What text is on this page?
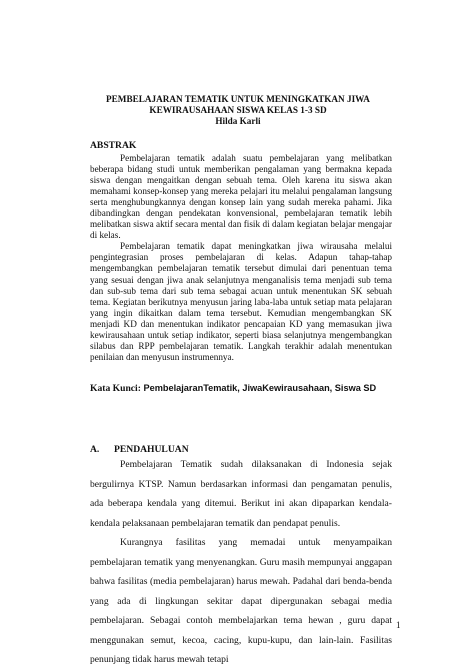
PEMBELAJARAN TEMATIK UNTUK MENINGKATKAN JIWA
KEWIRAUSAHAAN SISWA KELAS 1-3 SD
Hilda Karli
ABSTRAK

Pembelajaran tematik adalah suatu pembelajaran yang melibatkan beberapa bidang studi untuk memberikan pengalaman yang bermakna kepada siswa dengan mengaitkan dengan sebuah tema. Oleh karena itu siswa akan memahami konsep-konsep yang mereka pelajari itu melalui pengalaman langsung serta menghubungkannya dengan konsep lain yang sudah mereka pahami. Jika dibandingkan dengan pendekatan konvensional, pembelajaran tematik lebih melibatkan siswa aktif secara mental dan fisik di dalam kegiatan belajar mengajar di kelas.

Pembelajaran tematik dapat meningkatkan jiwa wirausaha melalui pengintegrasian proses pembelajaran di kelas. Adapun tahap-tahap mengembangkan pembelajaran tematik tersebut dimulai dari penentuan tema yang sesuai dengan jiwa anak selanjutnya menganalisis tema menjadi sub tema dan sub-sub tema dari sub tema sebagai acuan untuk menentukan SK sebuah tema. Kegiatan berikutnya menyusun jaring laba-laba untuk setiap mata pelajaran yang ingin dikaitkan dalam tema tersebut. Kemudian mengembangkan SK menjadi KD dan menentukan indikator pencapaian KD yang memasukan jiwa kewirausahaan untuk setiap indikator, seperti biasa selanjutnya mengembangkan silabus dan RPP pembelajaran tematik. Langkah terakhir adalah menentukan penilaian dan menyusun instrumennya.

Kata Kunci: PembelajaranTematik, JiwaKewirausahaan, Siswa SD
A. PENDAHULUAN

Pembelajaran Tematik sudah dilaksanakan di Indonesia sejak bergulirnya KTSP. Namun berdasarkan informasi dan pengamatan penulis, ada beberapa kendala yang ditemui. Berikut ini akan dipaparkan kendala-kendala pelaksanaan pembelajaran tematik dan pendapat penulis.

Kurangnya fasilitas yang memadai untuk menyampaikan pembelajaran tematik yang menyenangkan. Guru masih mempunyai anggapan bahwa fasilitas (media pembelajaran) harus mewah. Padahal dari benda-benda yang ada di lingkungan sekitar dapat dipergunakan sebagai media pembelajaran. Sebagai contoh membelajarkan tema hewan , guru dapat menggunakan semut, kecoa, cacing, kupu-kupu, dan lain-lain. Fasilitas penunjang tidak harus mewah tetapi

1
